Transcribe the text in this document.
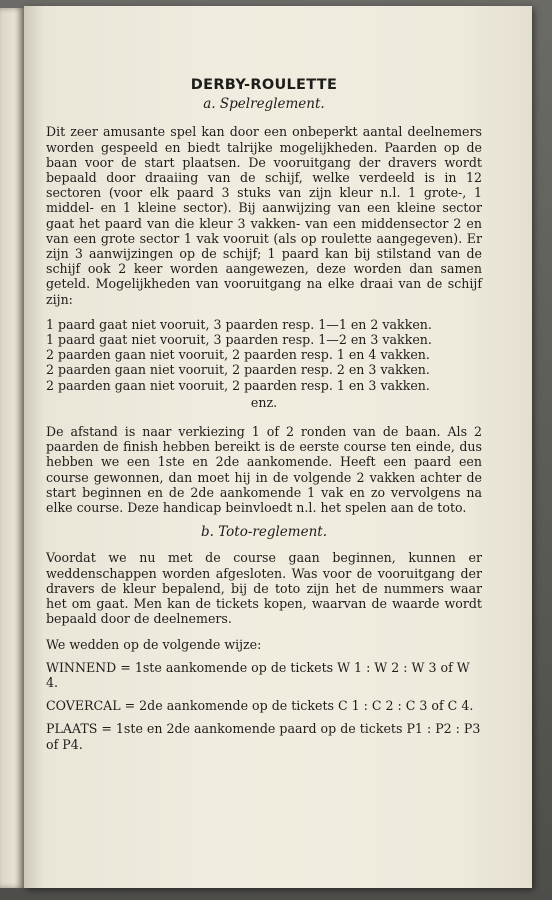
DERBY-ROULETTE
a. Spelreglement.

Dit zeer amusante spel kan door een onbeperkt aantal deelnemers worden gespeeld en biedt talrijke mogelijkheden. Paarden op de baan voor de start plaatsen. De vooruitgang der dravers wordt bepaald door draaiing van de schijf, welke verdeeld is in 12 sectoren (voor elk paard 3 stuks van zijn kleur n.l. 1 grote-, 1 middel- en 1 kleine sector). Bij aanwijzing van een kleine sector gaat het paard van die kleur 3 vakken- van een middensector 2 en van een grote sector 1 vak vooruit (als op roulette aangegeven). Er zijn 3 aanwijzingen op de schijf; 1 paard kan bij stilstand van de schijf ook 2 keer worden aangewezen, deze worden dan samen geteld. Mogelijkheden van vooruitgang na elke draai van de schijf zijn:

1 paard gaat niet vooruit, 3 paarden resp. 1—1 en 2 vakken.
1 paard gaat niet vooruit, 3 paarden resp. 1—2 en 3 vakken.
2 paarden gaan niet vooruit, 2 paarden resp. 1 en 4 vakken.
2 paarden gaan niet vooruit, 2 paarden resp. 2 en 3 vakken.
2 paarden gaan niet vooruit, 2 paarden resp. 1 en 3 vakken.
enz.

De afstand is naar verkiezing 1 of 2 ronden van de baan. Als 2 paarden de finish hebben bereikt is de eerste course ten einde, dus hebben we een 1ste en 2de aankomende. Heeft een paard een course gewonnen, dan moet hij in de volgende 2 vakken achter de start beginnen en de 2de aankomende 1 vak en zo vervolgens na elke course. Deze handicap beinvloedt n.l. het spelen aan de toto.

b. Toto-reglement.

Voordat we nu met de course gaan beginnen, kunnen er weddenschappen worden afgesloten. Was voor de vooruitgang der dravers de kleur bepalend, bij de toto zijn het de nummers waar het om gaat. Men kan de tickets kopen, waarvan de waarde wordt bepaald door de deelnemers.

We wedden op de volgende wijze:
WINNEND = 1ste aankomende op de tickets W 1 : W 2 : W 3 of W 4.
COVERCAL = 2de aankomende op de tickets C 1 : C 2 : C 3 of C 4.
PLAATS = 1ste en 2de aankomende paard op de tickets P1 : P2 : P3 of P4.
